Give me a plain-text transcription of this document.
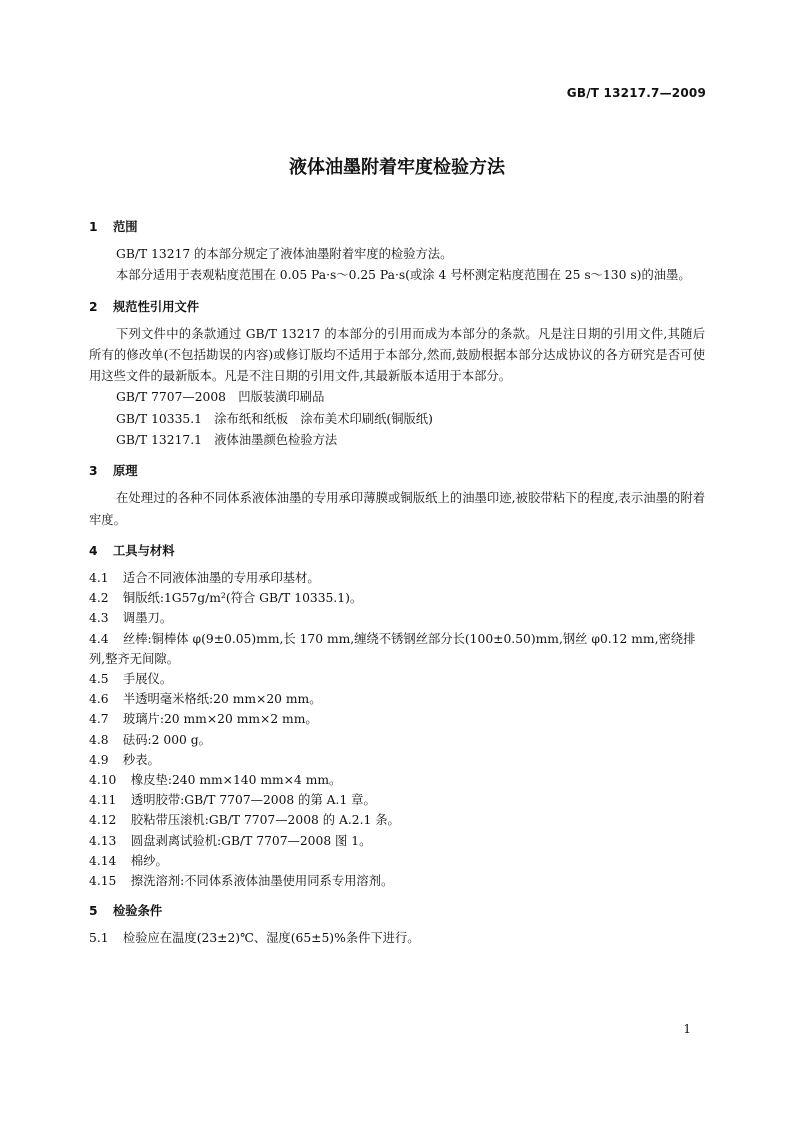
GB/T 13217.7—2009
液体油墨附着牢度检验方法
1 范围
GB/T 13217 的本部分规定了液体油墨附着牢度的检验方法。
本部分适用于表观粘度范围在 0.05 Pa·s～0.25 Pa·s(或涂 4 号杯测定粘度范围在 25 s～130 s)的油墨。
2 规范性引用文件
下列文件中的条款通过 GB/T 13217 的本部分的引用而成为本部分的条款。凡是注日期的引用文件,其随后所有的修改单(不包括勘误的内容)或修订版均不适用于本部分,然而,鼓励根据本部分达成协议的各方研究是否可使用这些文件的最新版本。凡是不注日期的引用文件,其最新版本适用于本部分。
GB/T 7707—2008　凹版装潢印刷品
GB/T 10335.1　涂布纸和纸板　涂布美术印刷纸(铜版纸)
GB/T 13217.1　液体油墨颜色检验方法
3 原理
在处理过的各种不同体系液体油墨的专用承印薄膜或铜版纸上的油墨印迹,被胶带粘下的程度,表示油墨的附着牢度。
4 工具与材料
4.1 适合不同液体油墨的专用承印基材。
4.2 铜版纸:1G57g/m²(符合 GB/T 10335.1)。
4.3 调墨刀。
4.4 丝棒:铜棒体 φ(9±0.05)mm,长 170 mm,缠绕不锈钢丝部分长(100±0.50)mm,钢丝 φ0.12 mm,密绕排列,整齐无间隙。
4.5 手展仪。
4.6 半透明毫米格纸:20 mm×20 mm。
4.7 玻璃片:20 mm×20 mm×2 mm。
4.8 砝码:2 000 g。
4.9 秒表。
4.10 橡皮垫:240 mm×140 mm×4 mm。
4.11 透明胶带:GB/T 7707—2008 的第 A.1 章。
4.12 胶粘带压滚机:GB/T 7707—2008 的 A.2.1 条。
4.13 圆盘剥离试验机:GB/T 7707—2008 图 1。
4.14 棉纱。
4.15 擦洗溶剂:不同体系液体油墨使用同系专用溶剂。
5 检验条件
5.1 检验应在温度(23±2)℃、湿度(65±5)%条件下进行。
1
